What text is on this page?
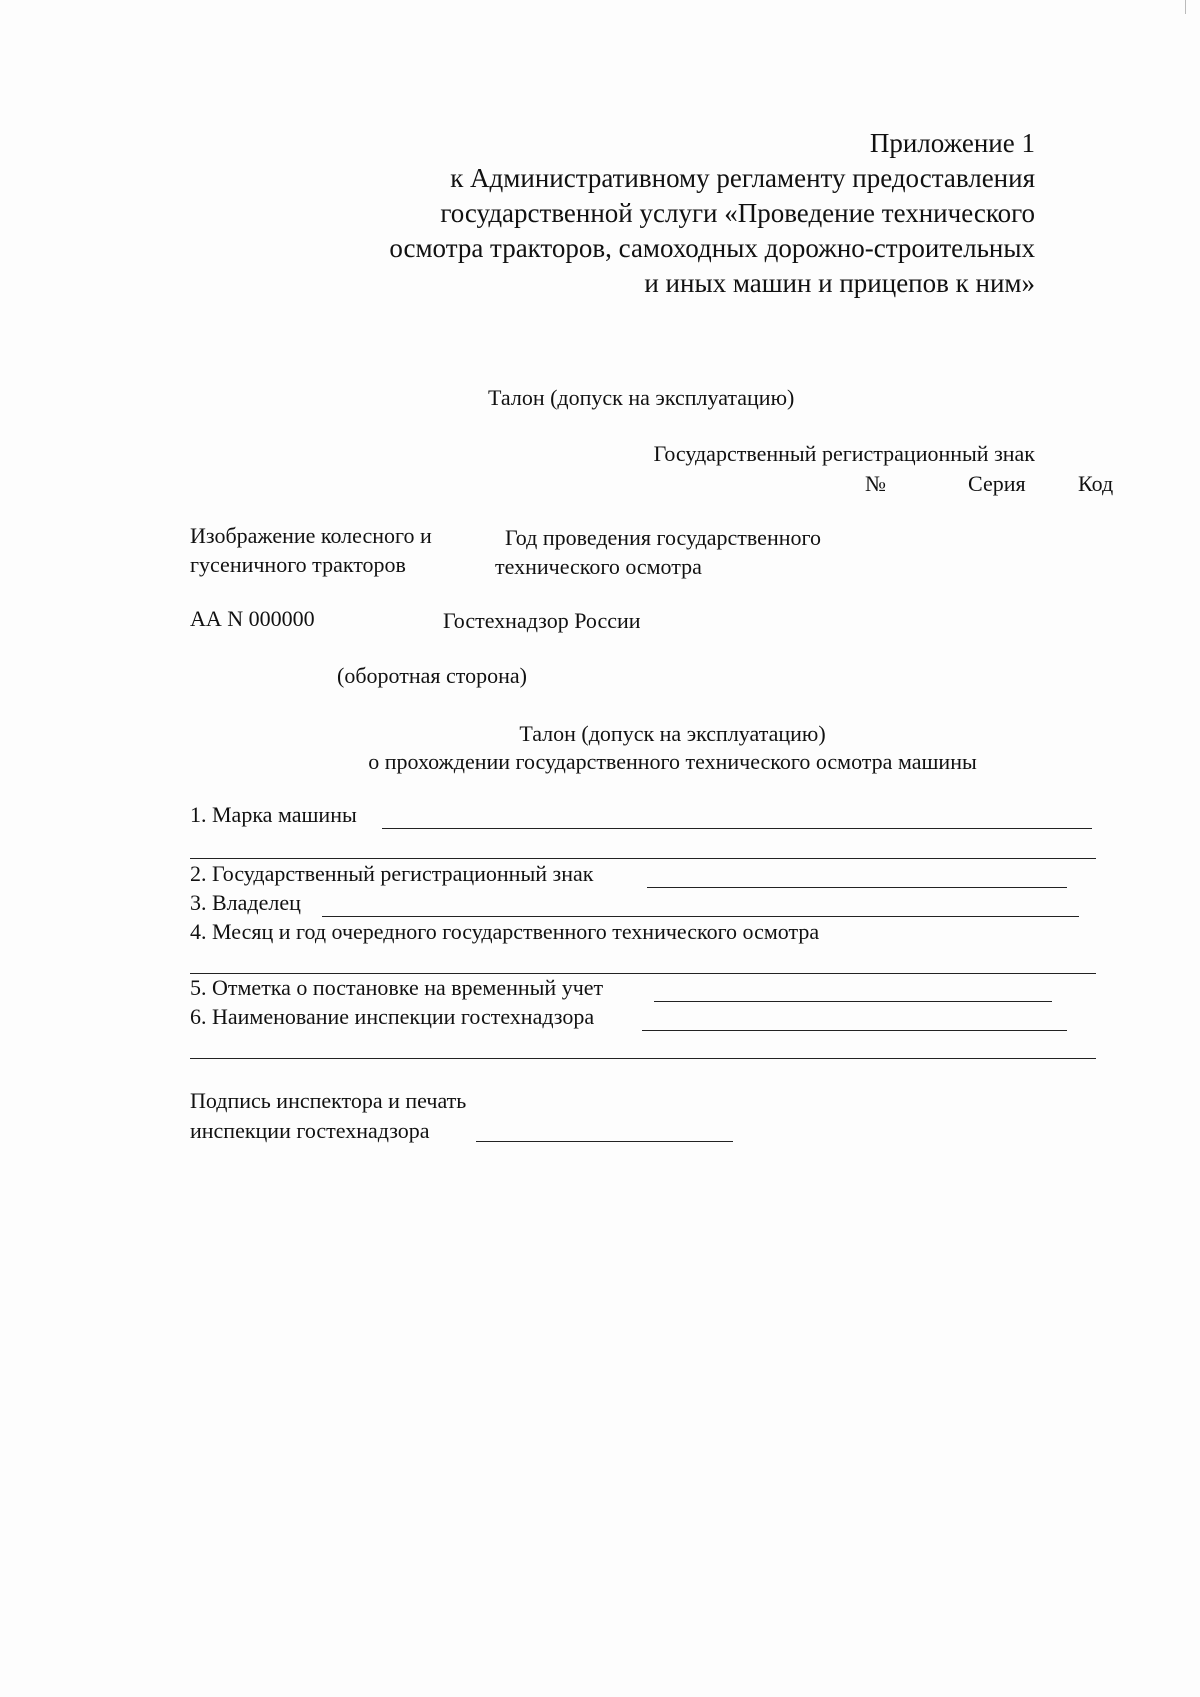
Приложение 1
к Административному регламенту предоставления
государственной услуги «Проведение технического
осмотра тракторов, самоходных дорожно-строительных
и иных машин и прицепов к ним»
Талон (допуск на эксплуатацию)
Государственный регистрационный знак
№	Серия Код
Изображение колесного и
гусеничного тракторов
Год проведения государственного
технического осмотра
АА N 000000	Гостехнадзор России
(оборотная сторона)
Талон (допуск на эксплуатацию)
о прохождении государственного технического осмотра машины
1. Марка машины
2. Государственный регистрационный знак
3. Владелец
4. Месяц и год очередного государственного технического осмотра
5. Отметка о постановке на временный учет
6. Наименование инспекции гостехнадзора
Подпись инспектора и печать
инспекции гостехнадзора
